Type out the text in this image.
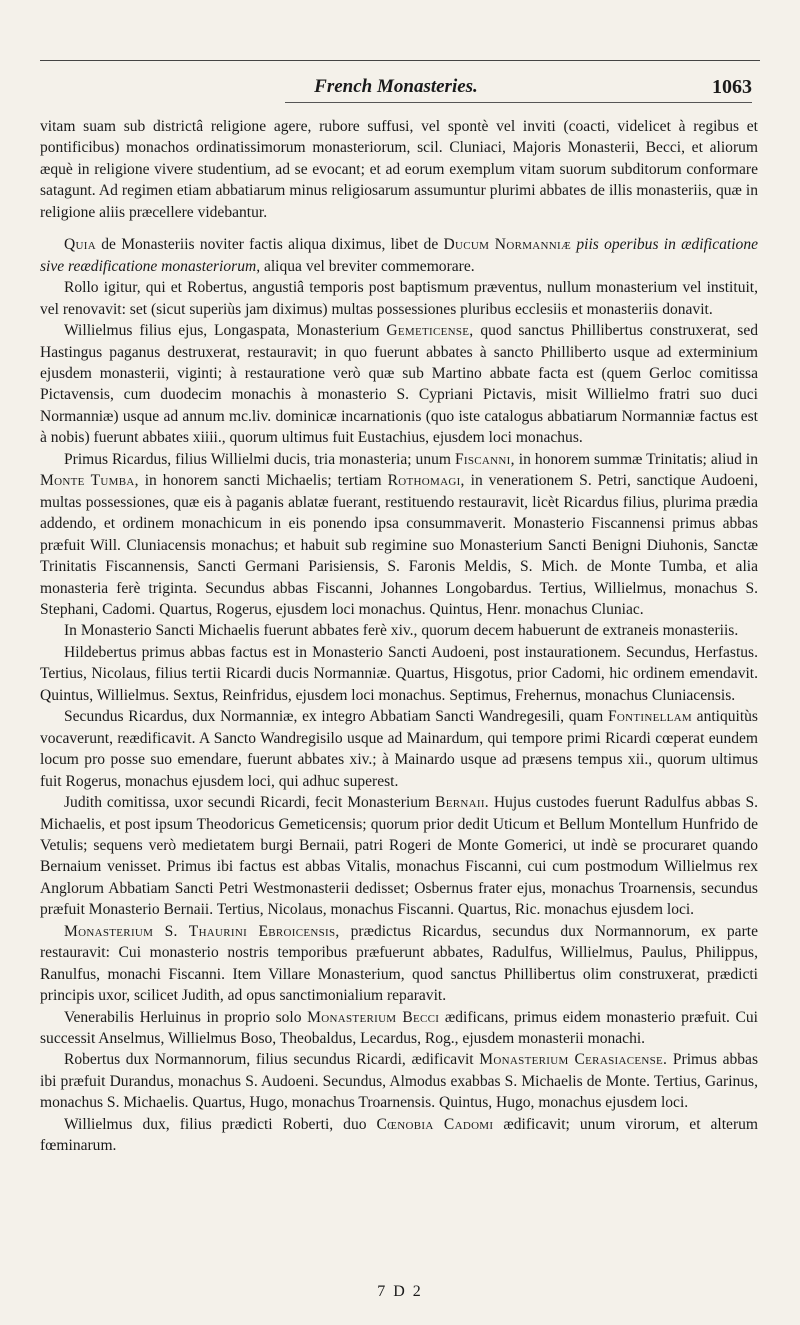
French Monasteries.	1063

vitam suam sub districtâ religione agere, rubore suffusi, vel spontè vel inviti (coacti, videlicet à regibus et pontificibus) monachos ordinatissimorum monasteriorum, scil. Cluniaci, Majoris Monasterii, Becci, et aliorum æquè in religione vivere studentium, ad se evocant; et ad eorum exemplum vitam suorum subditorum conformare satagunt. Ad regimen etiam abbatiarum minus religiosarum assumuntur plurimi abbates de illis monasteriis, quæ in religione aliis præcellere videbantur.

Quia de Monasteriis noviter factis aliqua diximus, libet de Ducum Normanniæ piis operibus in ædificatione sive reædificatione monasteriorum, aliqua vel breviter commemorare.

Rollo igitur, qui et Robertus, angustiâ temporis post baptismum præventus, nullum monasterium vel instituit, vel renovavit: set (sicut superiùs jam diximus) multas possessiones pluribus ecclesiis et monasteriis donavit.

Willielmus filius ejus, Longaspata, Monasterium Gemeticense, quod sanctus Phillibertus construxerat, sed Hastingus paganus destruxerat, restauravit; in quo fuerunt abbates à sancto Philliberto usque ad exterminium ejusdem monasterii, viginti; à restauratione verò quæ sub Martino abbate facta est (quem Gerloc comitissa Pictavensis, cum duodecim monachis à monasterio S. Cypriani Pictavis, misit Willielmo fratri suo duci Normanniæ) usque ad annum mc.liv. dominicæ incarnationis (quo iste catalogus abbatiarum Normanniæ factus est à nobis) fuerunt abbates xiiii., quorum ultimus fuit Eustachius, ejusdem loci monachus.

Primus Ricardus, filius Willielmi ducis, tria monasteria; unum Fiscanni, in honorem summæ Trinitatis; aliud in Monte Tumba, in honorem sancti Michaelis; tertiam Rothomagi, in venerationem S. Petri, sanctique Audoeni, multas possessiones, quæ eis à paganis ablatæ fuerant, restituendo restauravit, licèt Ricardus filius, plurima prædia addendo, et ordinem monachicum in eis ponendo ipsa consummaverit. Monasterio Fiscannensi primus abbas præfuit Will. Cluniacensis monachus; et habuit sub regimine suo Monasterium Sancti Benigni Diuhonis, Sanctæ Trinitatis Fiscannensis, Sancti Germani Parisiensis, S. Faronis Meldis, S. Mich. de Monte Tumba, et alia monasteria ferè triginta. Secundus abbas Fiscanni, Johannes Longobardus. Tertius, Willielmus, monachus S. Stephani, Cadomi. Quartus, Rogerus, ejusdem loci monachus. Quintus, Henr. monachus Cluniac.

In Monasterio Sancti Michaelis fuerunt abbates ferè xiv., quorum decem habuerunt de extraneis monasteriis.

Hildebertus primus abbas factus est in Monasterio Sancti Audoeni, post instaurationem. Secundus, Herfastus. Tertius, Nicolaus, filius tertii Ricardi ducis Normanniæ. Quartus, Hisgotus, prior Cadomi, hic ordinem emendavit. Quintus, Willielmus. Sextus, Reinfridus, ejusdem loci monachus. Septimus, Frehernus, monachus Cluniacensis.

Secundus Ricardus, dux Normanniæ, ex integro Abbatiam Sancti Wandregesili, quam Fontinellam antiquitùs vocaverunt, reædificavit. A Sancto Wandregisilo usque ad Mainardum, qui tempore primi Ricardi cœperat eundem locum pro posse suo emendare, fuerunt abbates xiv.; à Mainardo usque ad præsens tempus xii., quorum ultimus fuit Rogerus, monachus ejusdem loci, qui adhuc superest.

Judith comitissa, uxor secundi Ricardi, fecit Monasterium Bernaii. Hujus custodes fuerunt Radulfus abbas S. Michaelis, et post ipsum Theodoricus Gemeticensis; quorum prior dedit Uticum et Bellum Montellum Hunfrido de Vetulis; sequens verò medietatem burgi Bernaii, patri Rogeri de Monte Gomerici, ut indè se procuraret quando Bernaium venisset. Primus ibi factus est abbas Vitalis, monachus Fiscanni, cui cum postmodum Willielmus rex Anglorum Abbatiam Sancti Petri Westmonasterii dedisset; Osbernus frater ejus, monachus Troarnensis, secundus præfuit Monasterio Bernaii. Tertius, Nicolaus, monachus Fiscanni. Quartus, Ric. monachus ejusdem loci.

Monasterium S. Thaurini Ebroicensis, prædictus Ricardus, secundus dux Normannorum, ex parte restauravit: Cui monasterio nostris temporibus præfuerunt abbates, Radulfus, Willielmus, Paulus, Philippus, Ranulfus, monachi Fiscanni. Item Villare Monasterium, quod sanctus Phillibertus olim construxerat, prædicti principis uxor, scilicet Judith, ad opus sanctimonialium reparavit.

Venerabilis Herluinus in proprio solo Monasterium Becci ædificans, primus eidem monasterio præfuit. Cui successit Anselmus, Willielmus Boso, Theobaldus, Lecardus, Rog., ejusdem monasterii monachi.

Robertus dux Normannorum, filius secundus Ricardi, ædificavit Monasterium Cerasiacense. Primus abbas ibi præfuit Durandus, monachus S. Audoeni. Secundus, Almodus exabbas S. Michaelis de Monte. Tertius, Garinus, monachus S. Michaelis. Quartus, Hugo, monachus Troarnensis. Quintus, Hugo, monachus ejusdem loci.

Willielmus dux, filius prædicti Roberti, duo Cœnobia Cadomi ædificavit; unum virorum, et alterum fœminarum.

7 D 2
